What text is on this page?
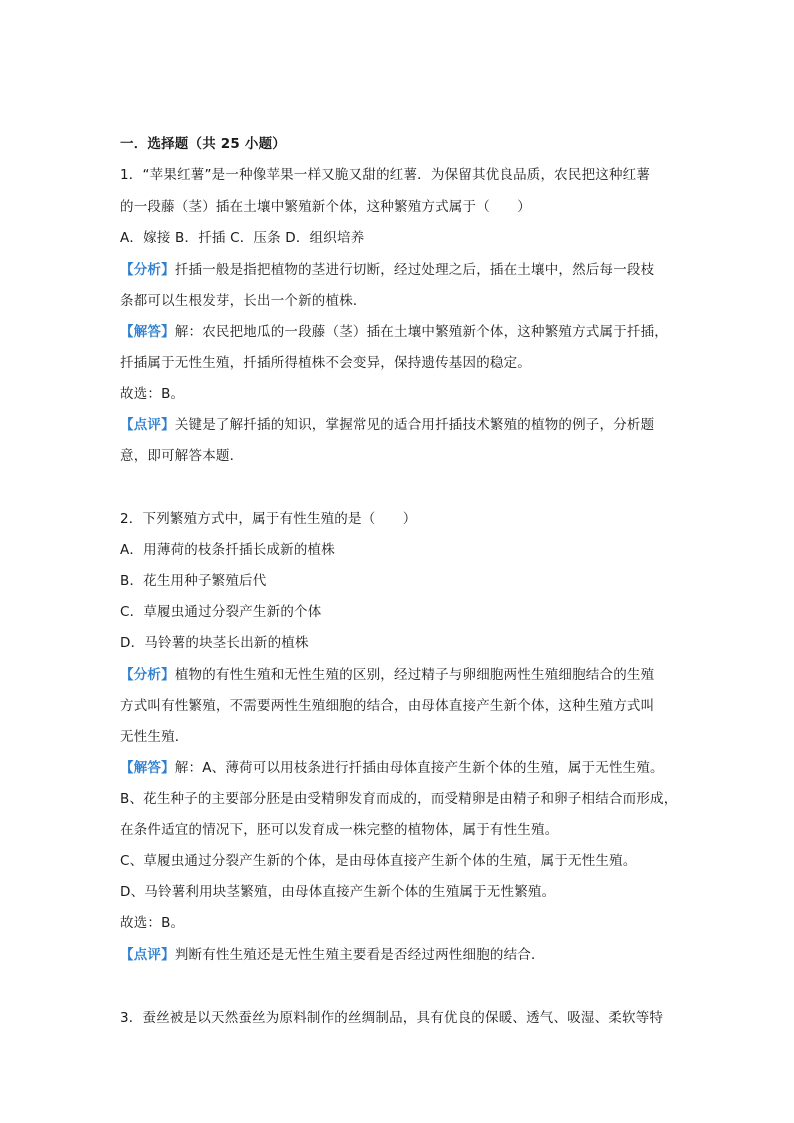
一．选择题（共 25 小题）
1．“苹果红薯”是一种像苹果一样又脆又甜的红薯．为保留其优良品质，农民把这种红薯
的一段藤（茎）插在土壤中繁殖新个体，这种繁殖方式属于（　　）
A．嫁接 B．扦插 C．压条 D．组织培养
【分析】扦插一般是指把植物的茎进行切断，经过处理之后，插在土壤中，然后每一段枝
条都可以生根发芽，长出一个新的植株．
【解答】解：农民把地瓜的一段藤（茎）插在土壤中繁殖新个体，这种繁殖方式属于扦插，
扦插属于无性生殖，扦插所得植株不会变异，保持遗传基因的稳定。
故选：B。
【点评】关键是了解扦插的知识，掌握常见的适合用扦插技术繁殖的植物的例子，分析题
意，即可解答本题．
2．下列繁殖方式中，属于有性生殖的是（　　）
A．用薄荷的枝条扦插长成新的植株
B．花生用种子繁殖后代
C．草履虫通过分裂产生新的个体
D．马铃薯的块茎长出新的植株
【分析】植物的有性生殖和无性生殖的区别，经过精子与卵细胞两性生殖细胞结合的生殖
方式叫有性繁殖，不需要两性生殖细胞的结合，由母体直接产生新个体，这种生殖方式叫
无性生殖．
【解答】解：A、薄荷可以用枝条进行扦插由母体直接产生新个体的生殖，属于无性生殖。
B、花生种子的主要部分胚是由受精卵发育而成的，而受精卵是由精子和卵子相结合而形成，
在条件适宜的情况下，胚可以发育成一株完整的植物体，属于有性生殖。
C、草履虫通过分裂产生新的个体，是由母体直接产生新个体的生殖，属于无性生殖。
D、马铃薯利用块茎繁殖，由母体直接产生新个体的生殖属于无性繁殖。
故选：B。
【点评】判断有性生殖还是无性生殖主要看是否经过两性细胞的结合．
3．蚕丝被是以天然蚕丝为原料制作的丝绸制品，具有优良的保暖、透气、吸湿、柔软等特
